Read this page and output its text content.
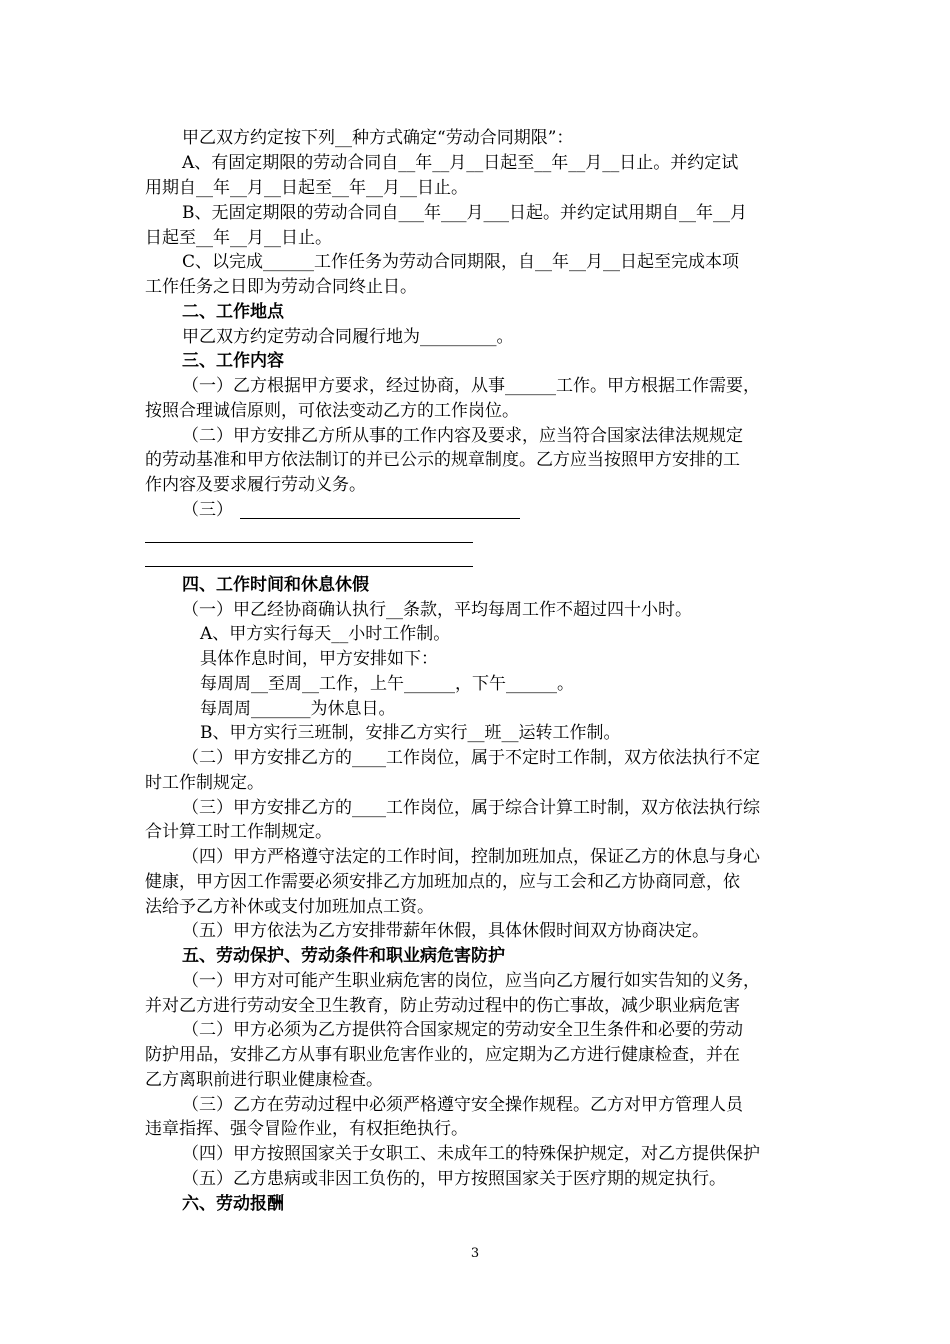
甲乙双方约定按下列__种方式确定“劳动合同期限”：
A、有固定期限的劳动合同自__年__月__日起至__年__月__日止。并约定试
用期自__年__月__日起至__年__月__日止。
B、无固定期限的劳动合同自___年___月___日起。并约定试用期自__年__月
日起至__年__月__日止。
C、以完成______工作任务为劳动合同期限，自__年__月__日起至完成本项
工作任务之日即为劳动合同终止日。
二、工作地点
甲乙双方约定劳动合同履行地为_________。
三、工作内容
（一）乙方根据甲方要求，经过协商，从事______工作。甲方根据工作需要，
按照合理诚信原则，可依法变动乙方的工作岗位。
（二）甲方安排乙方所从事的工作内容及要求，应当符合国家法律法规规定
的劳动基准和甲方依法制订的并已公示的规章制度。乙方应当按照甲方安排的工
作内容及要求履行劳动义务。
（三）
四、工作时间和休息休假
（一）甲乙经协商确认执行__条款，平均每周工作不超过四十小时。
A、甲方实行每天__小时工作制。
具体作息时间，甲方安排如下：
每周周__至周__工作，上午______，下午______。
每周周_______为休息日。
B、甲方实行三班制，安排乙方实行__班__运转工作制。
（二）甲方安排乙方的____工作岗位，属于不定时工作制，双方依法执行不定
时工作制规定。
（三）甲方安排乙方的____工作岗位，属于综合计算工时制，双方依法执行综
合计算工时工作制规定。
（四）甲方严格遵守法定的工作时间，控制加班加点，保证乙方的休息与身心
健康，甲方因工作需要必须安排乙方加班加点的，应与工会和乙方协商同意，依
法给予乙方补休或支付加班加点工资。
（五）甲方依法为乙方安排带薪年休假，具体休假时间双方协商决定。
五、劳动保护、劳动条件和职业病危害防护
（一）甲方对可能产生职业病危害的岗位，应当向乙方履行如实告知的义务，
并对乙方进行劳动安全卫生教育，防止劳动过程中的伤亡事故，减少职业病危害
（二）甲方必须为乙方提供符合国家规定的劳动安全卫生条件和必要的劳动
防护用品，安排乙方从事有职业危害作业的，应定期为乙方进行健康检查，并在
乙方离职前进行职业健康检查。
（三）乙方在劳动过程中必须严格遵守安全操作规程。乙方对甲方管理人员
违章指挥、强令冒险作业，有权拒绝执行。
（四）甲方按照国家关于女职工、未成年工的特殊保护规定，对乙方提供保护
（五）乙方患病或非因工负伤的，甲方按照国家关于医疗期的规定执行。
六、劳动报酬
3
